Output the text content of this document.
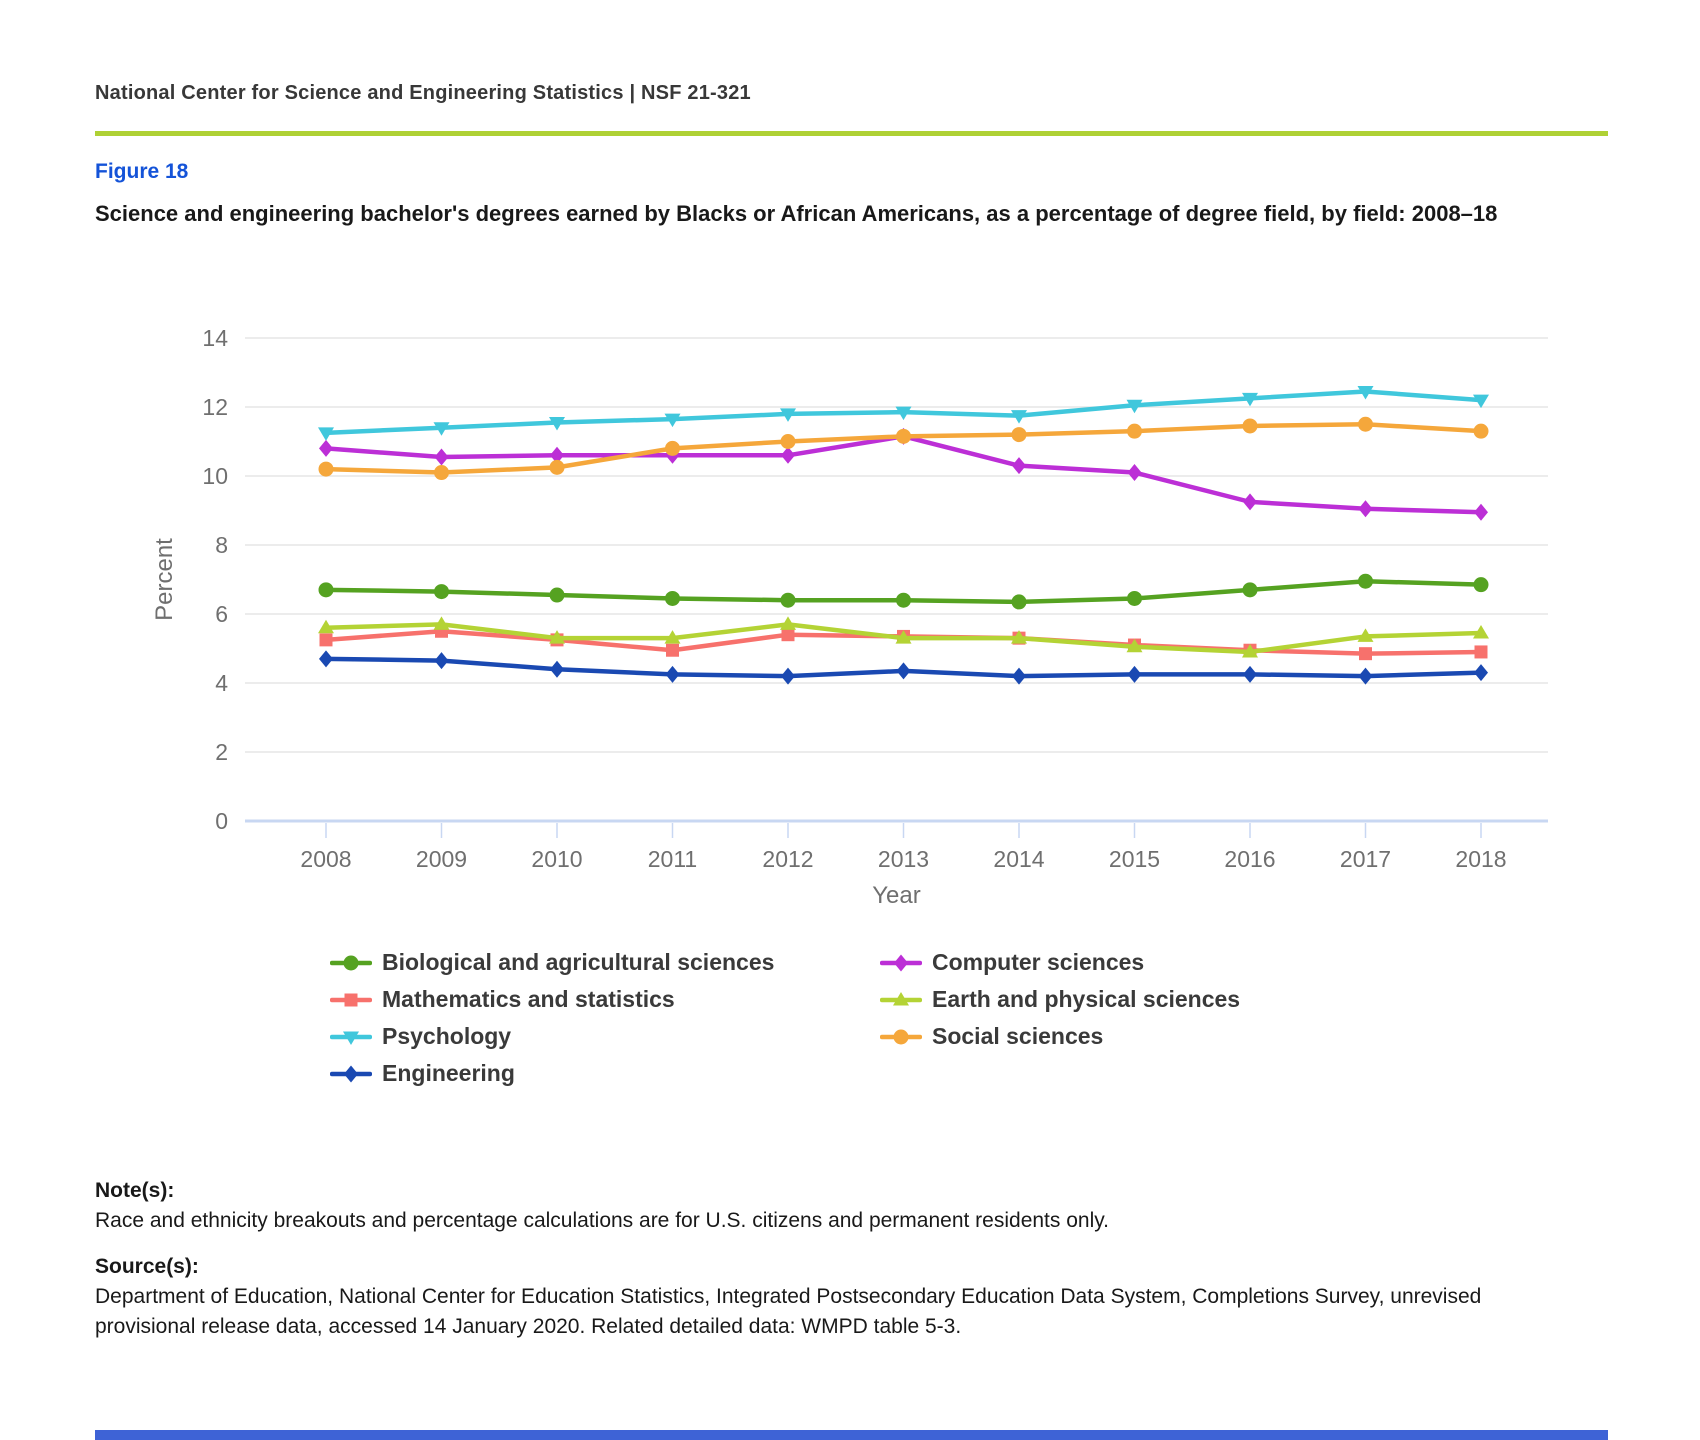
National Center for Science and Engineering Statistics | NSF 21-321
Figure 18
Science and engineering bachelor's degrees earned by Blacks or African Americans, as a percentage of degree field, by field: 2008–18
0
2
4
6
8
10
12
14
2008	2009	2010	2011	2012	2013	2014	2015	2016	2017	2018
Percent
Year
Biological and agricultural sciences
Mathematics and statistics
Psychology
Engineering
Computer sciences
Earth and physical sciences
Social sciences
Note(s):
Race and ethnicity breakouts and percentage calculations are for U.S. citizens and permanent residents only.
Source(s):
Department of Education, National Center for Education Statistics, Integrated Postsecondary Education Data System, Completions Survey, unrevised provisional release data, accessed 14 January 2020. Related detailed data: WMPD table 5-3.
